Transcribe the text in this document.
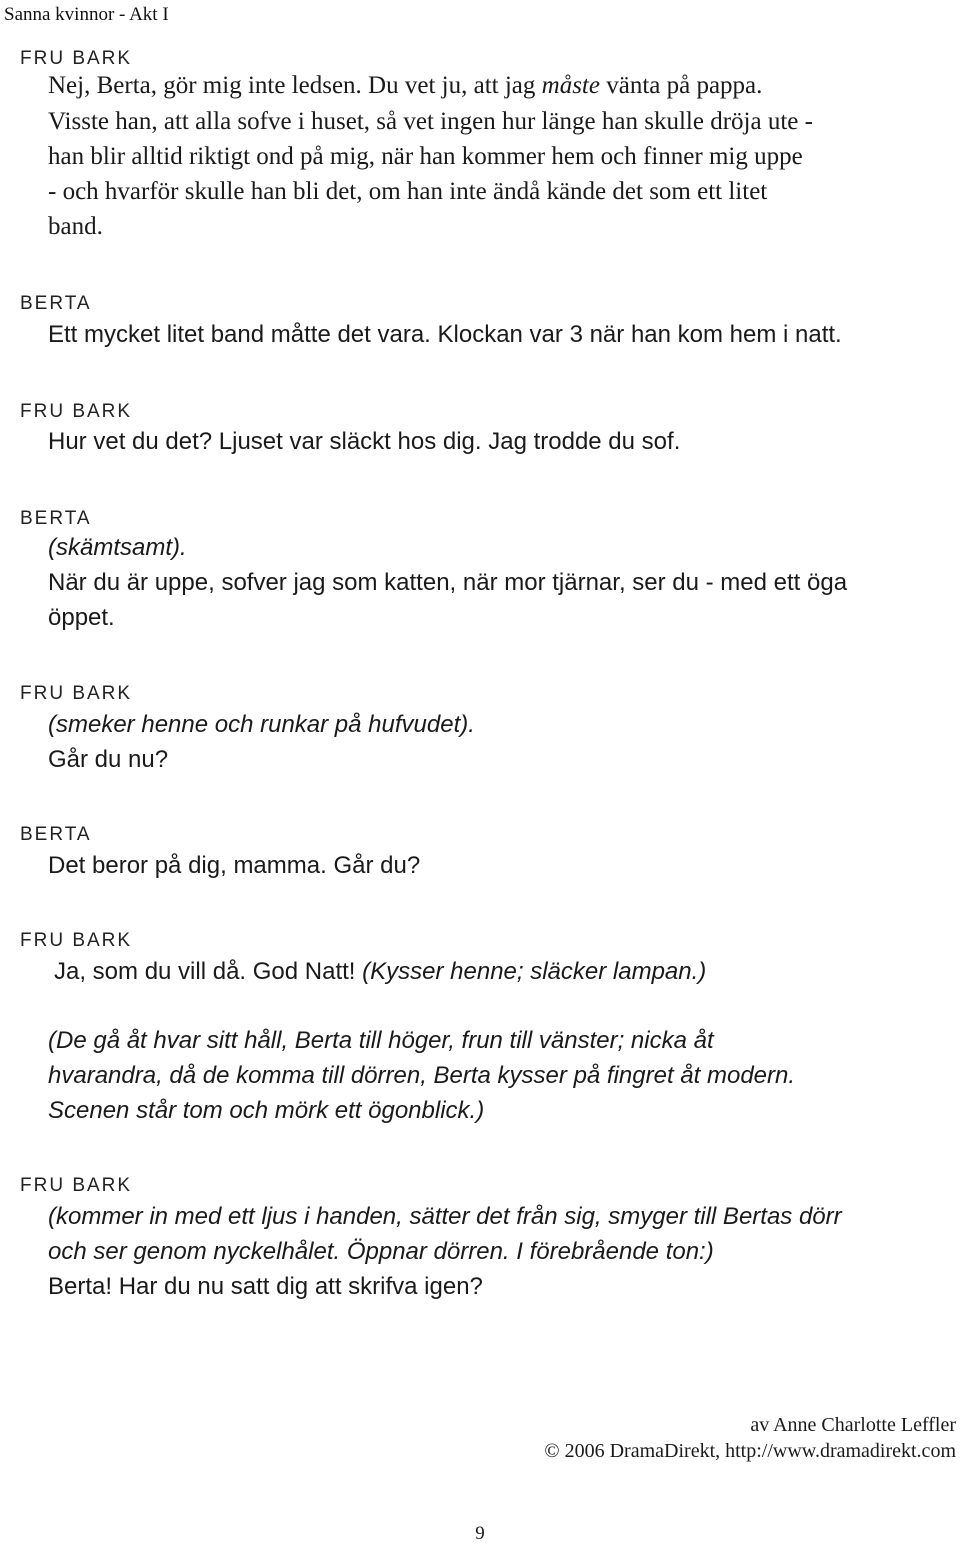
Sanna kvinnor - Akt I
FRU BARK
Nej, Berta, gör mig inte ledsen. Du vet ju, att jag måste vänta på pappa.
Visste han, att alla sofve i huset, så vet ingen hur länge han skulle dröja ute -
han blir alltid riktigt ond på mig, när han kommer hem och finner mig uppe
- och hvarför skulle han bli det, om han inte ändå kände det som ett litet
band.
BERTA
Ett mycket litet band måtte det vara. Klockan var 3 när han kom hem i natt.
FRU BARK
Hur vet du det? Ljuset var släckt hos dig. Jag trodde du sof.
BERTA
(skämtsamt).
När du är uppe, sofver jag som katten, när mor tjärnar, ser du - med ett öga
öppet.
FRU BARK
(smeker henne och runkar på hufvudet).
Går du nu?
BERTA
Det beror på dig, mamma. Går du?
FRU BARK
Ja, som du vill då. God Natt! (Kysser henne; släcker lampan.)
(De gå åt hvar sitt håll, Berta till höger, frun till vänster; nicka åt
hvarandra, då de komma till dörren, Berta kysser på fingret åt modern.
Scenen står tom och mörk ett ögonblick.)
FRU BARK
(kommer in med ett ljus i handen, sätter det från sig, smyger till Bertas dörr
och ser genom nyckelhålet. Öppnar dörren. I förebrående ton:)
Berta! Har du nu satt dig att skrifva igen?
av Anne Charlotte Leffler
© 2006 DramaDirekt, http://www.dramadirekt.com
9
